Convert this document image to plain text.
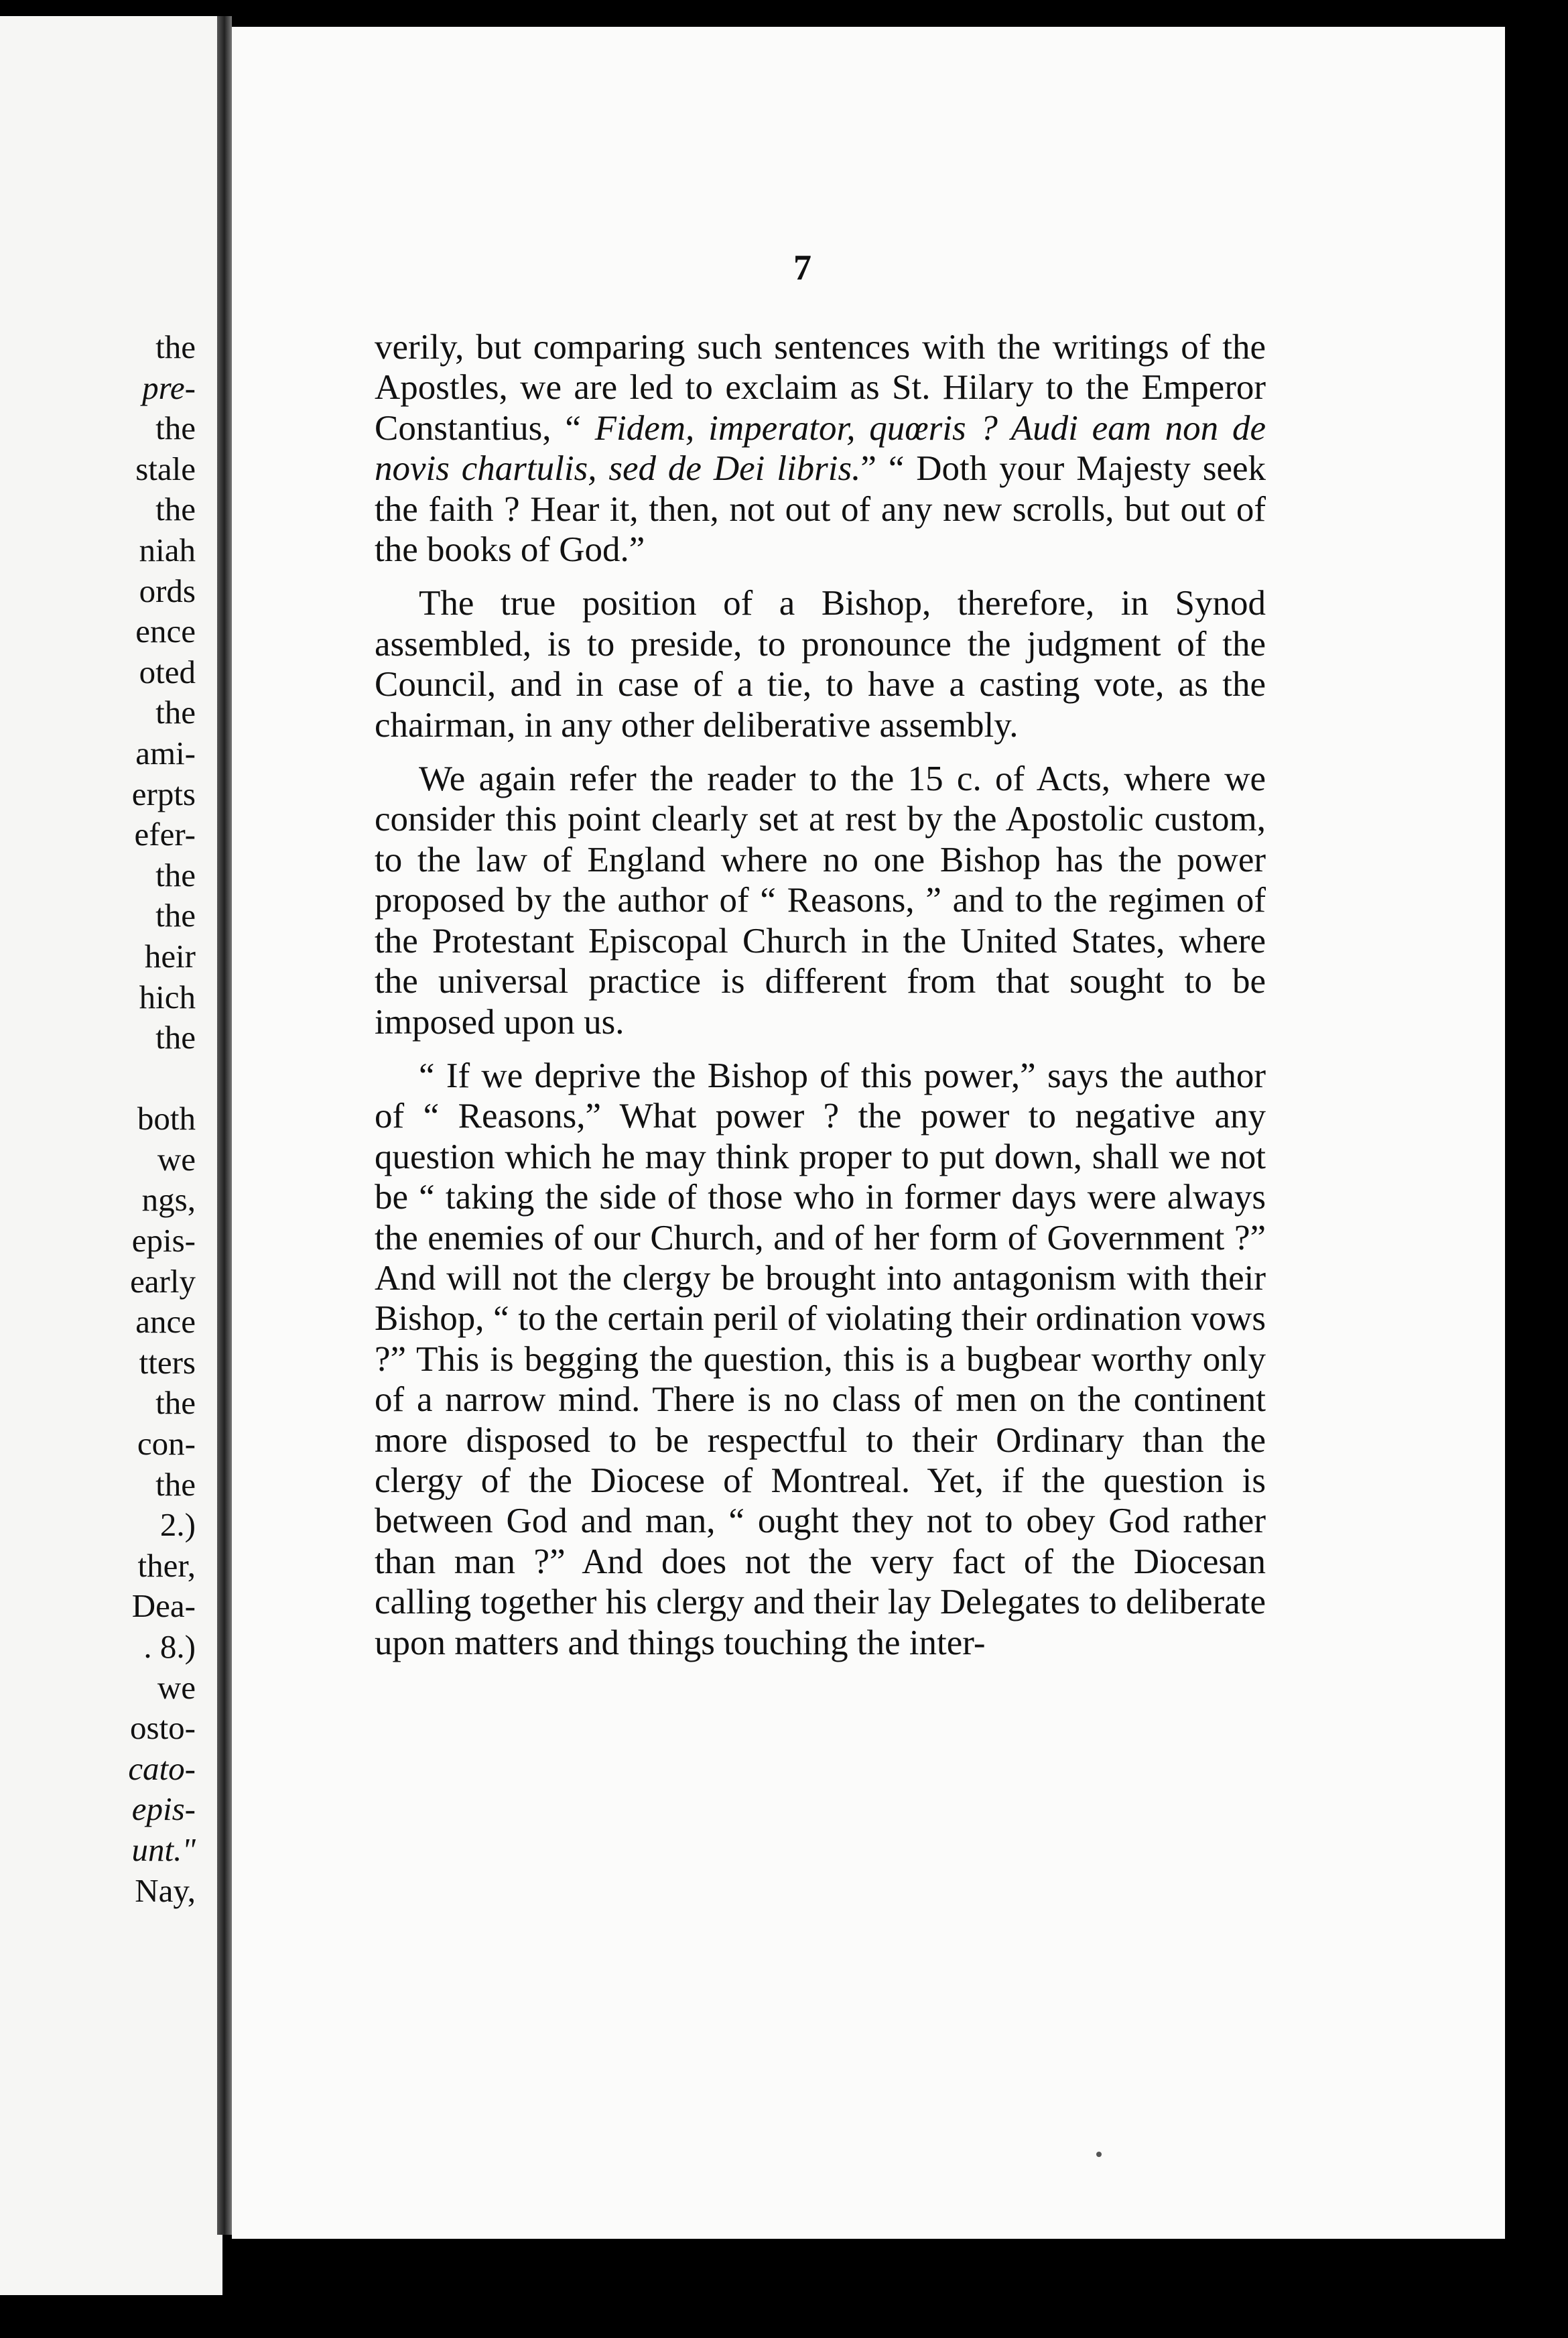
the
pre-
the
stale
the
niah
ords
ence
oted
the
ami-
erpts
efer-
the
the
heir
hich
the
both
we
ngs,
epis-
early
ance
tters
the
con-
the
2.)
ther,
Dea-
. 8.)
we
osto-
cato-
epis-
unt."
Nay,
7

verily, but comparing such sentences with the writings of the Apostles, we are led to exclaim as St. Hilary to the Emperor Constantius, “ Fidem, imperator, quœris ? Audi eam non de novis chartulis, sed de Dei libris.” “ Doth your Majesty seek the faith ? Hear it, then, not out of any new scrolls, but out of the books of God.”

The true position of a Bishop, therefore, in Synod assembled, is to preside, to pronounce the judgment of the Council, and in case of a tie, to have a casting vote, as the chairman, in any other deliberative assembly.

We again refer the reader to the 15 c. of Acts, where we consider this point clearly set at rest by the Apostolic custom, to the law of England where no one Bishop has the power proposed by the author of “ Reasons, ” and to the regimen of the Protestant Episcopal Church in the United States, where the universal practice is different from that sought to be imposed upon us.

“ If we deprive the Bishop of this power,” says the author of “ Reasons,” What power ? the power to negative any question which he may think proper to put down, shall we not be “ taking the side of those who in former days were always the enemies of our Church, and of her form of Government ?” And will not the clergy be brought into antagonism with their Bishop, “ to the certain peril of violating their ordination vows ?” This is begging the question, this is a bugbear worthy only of a narrow mind. There is no class of men on the continent more disposed to be respectful to their Ordinary than the clergy of the Diocese of Montreal. Yet, if the question is between God and man, “ ought they not to obey God rather than man ?” And does not the very fact of the Diocesan calling together his clergy and their lay Delegates to deliberate upon matters and things touching the inter-
